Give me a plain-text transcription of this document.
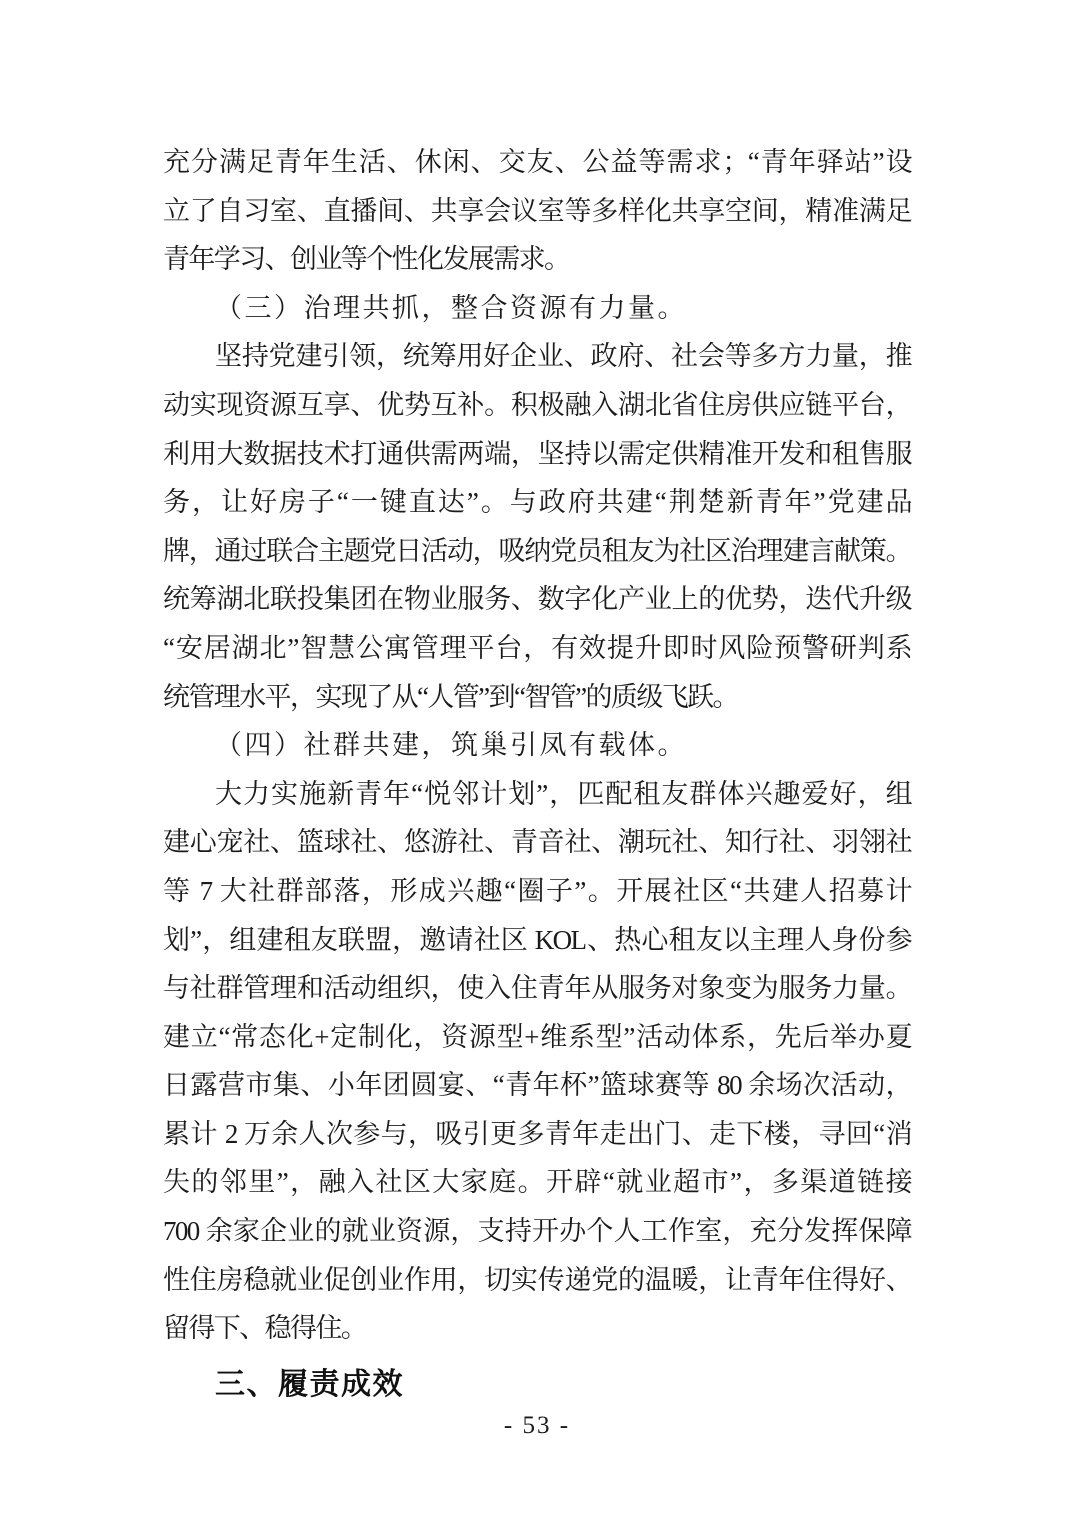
充分满足青年生活、休闲、交友、公益等需求；“青年驿站”设
立了自习室、直播间、共享会议室等多样化共享空间，精准满足
青年学习、创业等个性化发展需求。
（三）治理共抓，整合资源有力量。
坚持党建引领，统筹用好企业、政府、社会等多方力量，推
动实现资源互享、优势互补。积极融入湖北省住房供应链平台，
利用大数据技术打通供需两端，坚持以需定供精准开发和租售服
务，让好房子“一键直达”。与政府共建“荆楚新青年”党建品
牌，通过联合主题党日活动，吸纳党员租友为社区治理建言献策。
统筹湖北联投集团在物业服务、数字化产业上的优势，迭代升级
“安居湖北”智慧公寓管理平台，有效提升即时风险预警研判系
统管理水平，实现了从“人管”到“智管”的质级飞跃。
（四）社群共建，筑巢引凤有载体。
大力实施新青年“悦邻计划”，匹配租友群体兴趣爱好，组
建心宠社、篮球社、悠游社、青音社、潮玩社、知行社、羽翎社
等 7 大社群部落，形成兴趣“圈子”。开展社区“共建人招募计
划”，组建租友联盟，邀请社区 KOL、热心租友以主理人身份参
与社群管理和活动组织，使入住青年从服务对象变为服务力量。
建立“常态化+定制化，资源型+维系型”活动体系，先后举办夏
日露营市集、小年团圆宴、“青年杯”篮球赛等 80 余场次活动，
累计 2 万余人次参与，吸引更多青年走出门、走下楼，寻回“消
失的邻里”，融入社区大家庭。开辟“就业超市”，多渠道链接
700 余家企业的就业资源，支持开办个人工作室，充分发挥保障
性住房稳就业促创业作用，切实传递党的温暖，让青年住得好、
留得下、稳得住。
三、履责成效
- 53 -
